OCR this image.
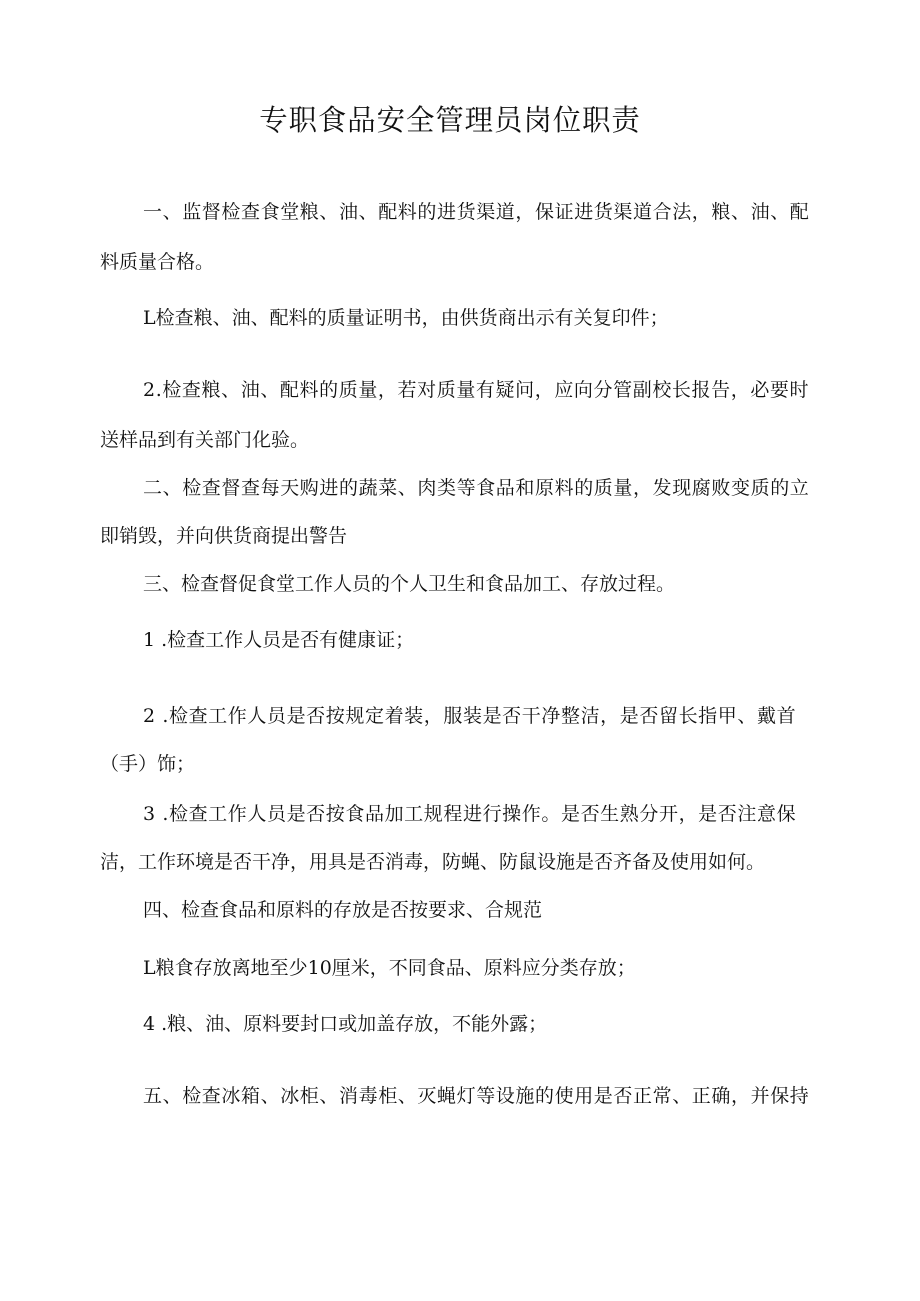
专职食品安全管理员岗位职责

一、监督检查食堂粮、油、配料的进货渠道，保证进货渠道合法，粮、油、配

料质量合格。

L检查粮、油、配料的质量证明书，由供货商出示有关复印件；

2.检查粮、油、配料的质量，若对质量有疑问，应向分管副校长报告，必要时

送样品到有关部门化验。

二、检查督查每天购进的蔬菜、肉类等食品和原料的质量，发现腐败变质的立

即销毁，并向供货商提出警告

三、检查督促食堂工作人员的个人卫生和食品加工、存放过程。

1 .检查工作人员是否有健康证；

2 .检查工作人员是否按规定着装，服装是否干净整洁，是否留长指甲、戴首

（手）饰；

3 .检查工作人员是否按食品加工规程进行操作。是否生熟分开，是否注意保

洁，工作环境是否干净，用具是否消毒，防蝇、防鼠设施是否齐备及使用如何。

四、检查食品和原料的存放是否按要求、合规范

L粮食存放离地至少10厘米，不同食品、原料应分类存放；

4 .粮、油、原料要封口或加盖存放，不能外露；

五、检查冰箱、冰柜、消毒柜、灭蝇灯等设施的使用是否正常、正确，并保持
